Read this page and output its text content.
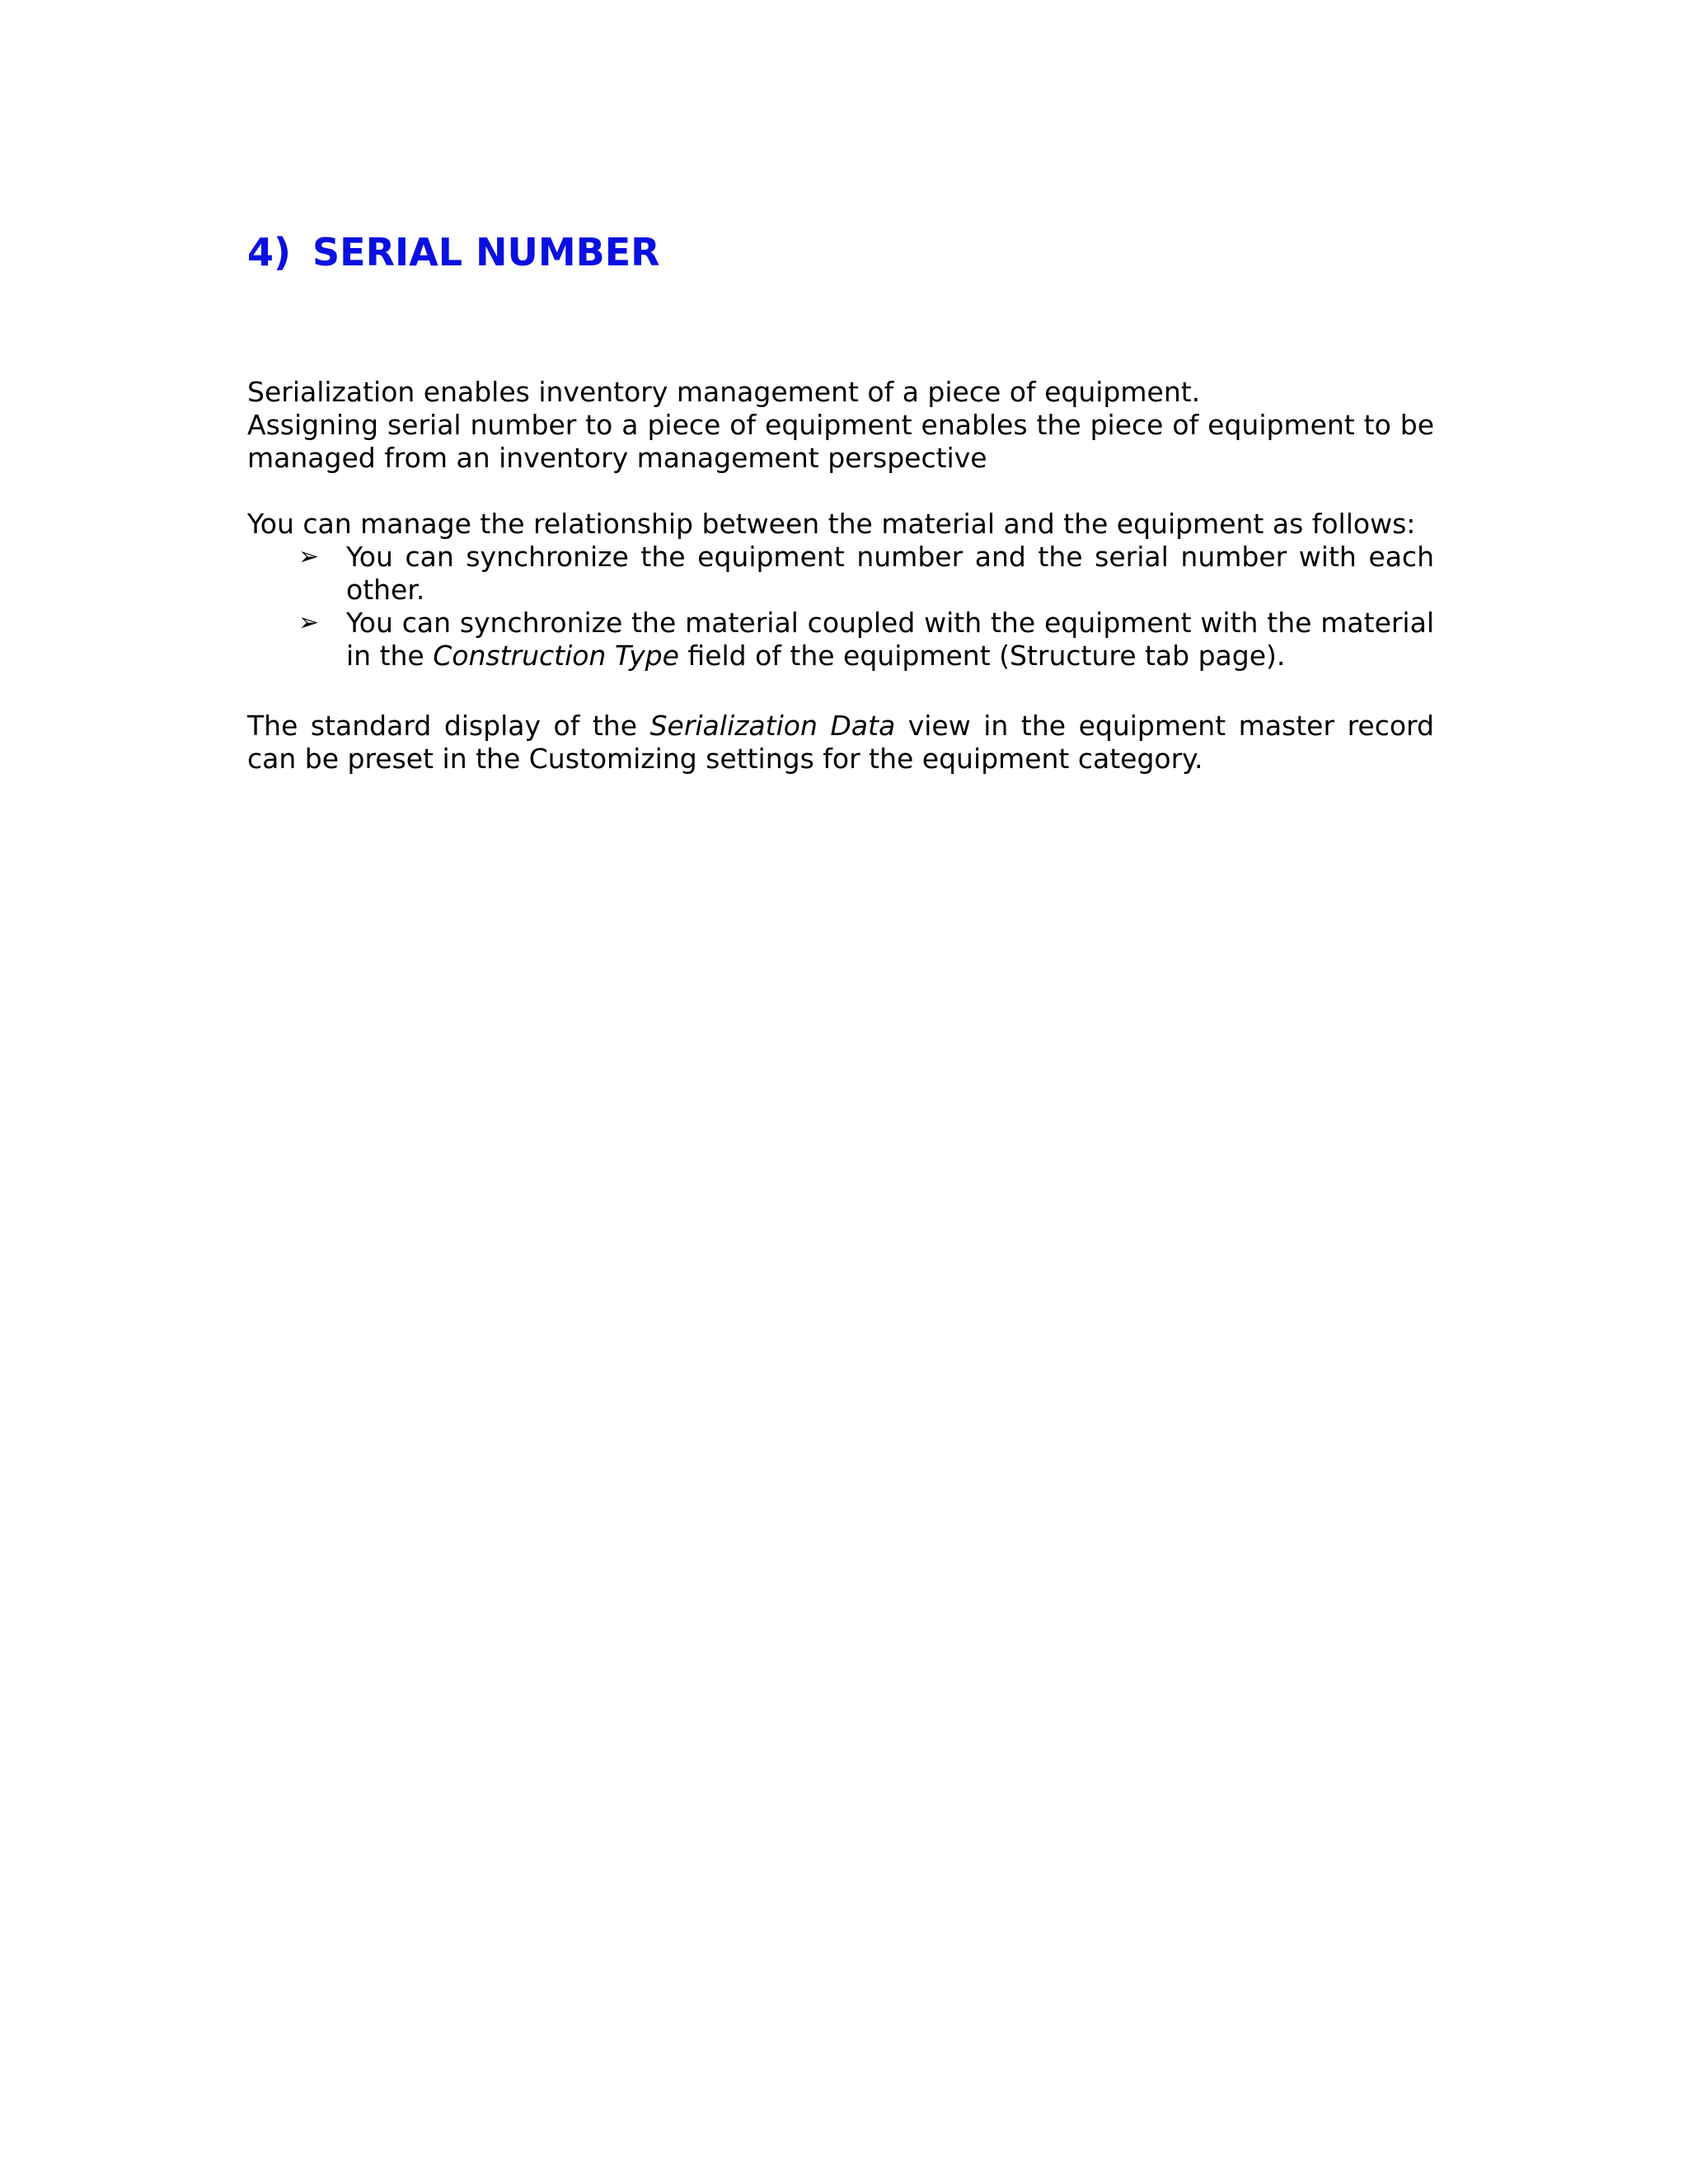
4) SERIAL NUMBER

Serialization enables inventory management of a piece of equipment.
Assigning serial number to a piece of equipment enables the piece of equipment to be managed from an inventory management perspective

You can manage the relationship between the material and the equipment as follows:

➢ You can synchronize the equipment number and the serial number with each other.
➢ You can synchronize the material coupled with the equipment with the material in the Construction Type field of the equipment (Structure tab page).

The standard display of the Serialization Data view in the equipment master record can be preset in the Customizing settings for the equipment category.
